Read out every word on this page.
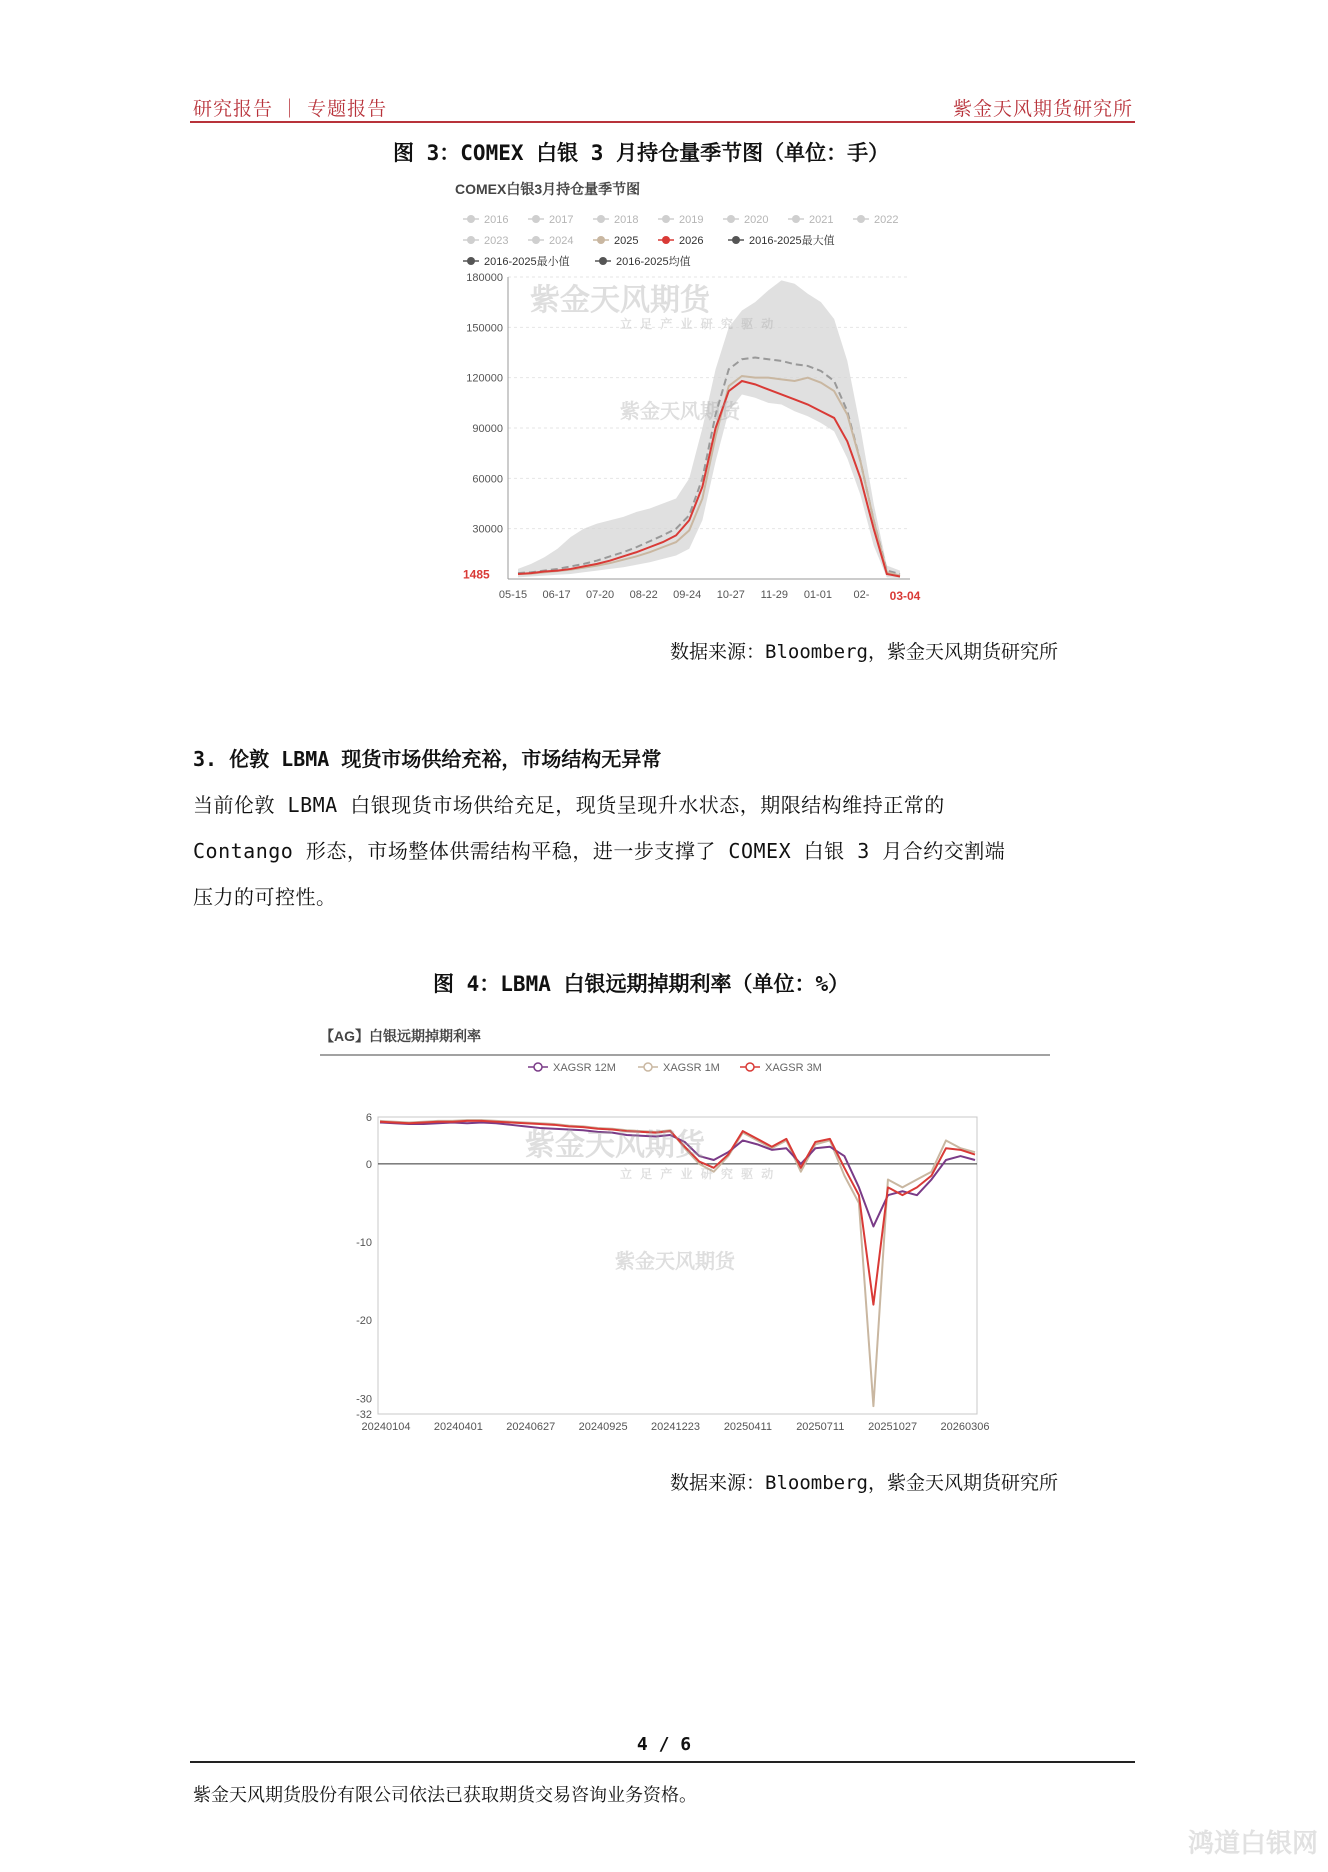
研究报告 ｜ 专题报告	紫金天风期货研究所
图 3：COMEX 白银 3 月持仓量季节图（单位：手）
COMEX白银3月持仓量季节图
2016	2017	2018	2019	2020	2021	2022
2023	2024	2025	2026	2016-2025最大值
2016-2025最小值	2016-2025均值
30000
60000
90000
120000
150000
180000
05-15 06-17 07-20 08-22 09-24 10-27 11-29 01-01 02- 03-04
1485
紫金天风期货
立 足 产 业 研 究 驱 动
紫金天风期货
数据来源：Bloomberg，紫金天风期货研究所
3. 伦敦 LBMA 现货市场供给充裕，市场结构无异常
当前伦敦 LBMA 白银现货市场供给充足，现货呈现升水状态，期限结构维持正常的
Contango 形态，市场整体供需结构平稳，进一步支撑了 COMEX 白银 3 月合约交割端
压力的可控性。
图 4：LBMA 白银远期掉期利率（单位：%）
【AG】白银远期掉期利率
XAGSR 12M	XAGSR 1M	XAGSR 3M
6
0
-10
-20
-30
-32
20240104 20240401 20240627 20240925 20241223 20250411 20250711 20251027 20260306
紫金天风期货
立 足 产 业 研 究 驱 动
紫金天风期货
数据来源：Bloomberg，紫金天风期货研究所
4 / 6
紫金天风期货股份有限公司依法已获取期货交易咨询业务资格。
鸿道白银网
